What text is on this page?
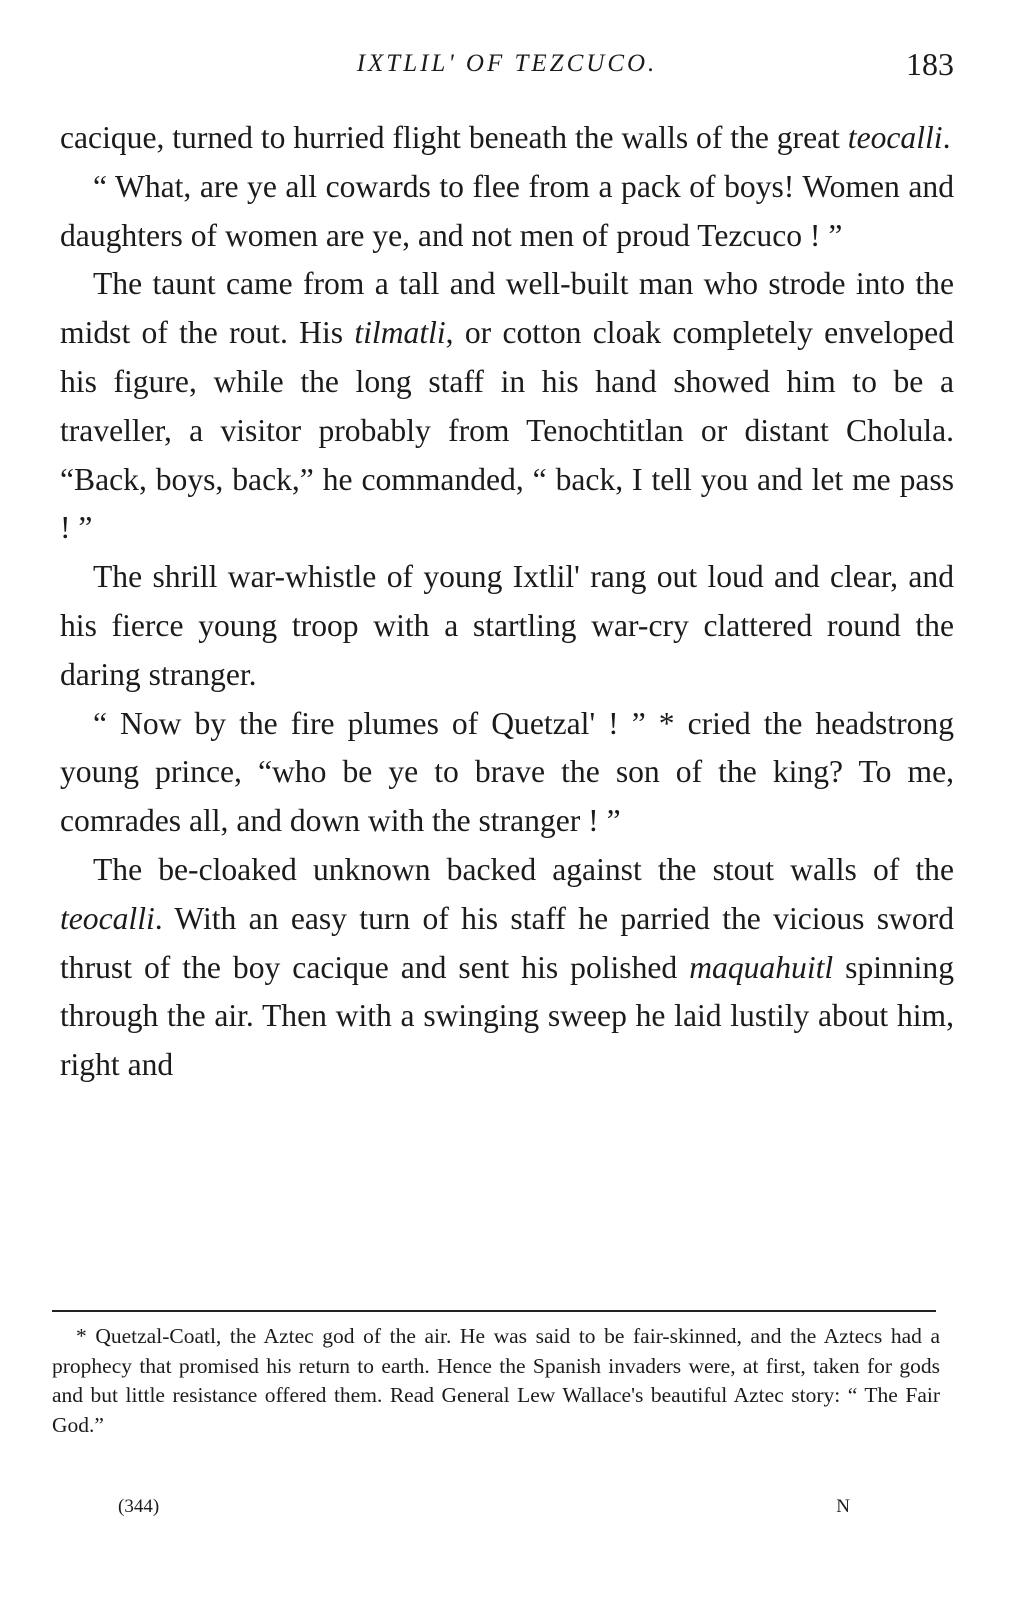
IXTLIL' OF TEZCUCO.	183

cacique, turned to hurried flight beneath the walls of the great teocalli.

“ What, are ye all cowards to flee from a pack of boys! Women and daughters of women are ye, and not men of proud Tezcuco ! ”

The taunt came from a tall and well-built man who strode into the midst of the rout. His tilmatli, or cotton cloak completely enveloped his figure, while the long staff in his hand showed him to be a traveller, a visitor probably from Tenochtitlan or distant Cholula. “Back, boys, back,” he commanded, “ back, I tell you and let me pass ! ”

The shrill war-whistle of young Ixtlil' rang out loud and clear, and his fierce young troop with a startling war-cry clattered round the daring stranger.

“ Now by the fire plumes of Quetzal' ! ” * cried the headstrong young prince, “who be ye to brave the son of the king? To me, comrades all, and down with the stranger ! ”

The be-cloaked unknown backed against the stout walls of the teocalli. With an easy turn of his staff he parried the vicious sword thrust of the boy cacique and sent his polished maquahuitl spinning through the air. Then with a swinging sweep he laid lustily about him, right and

* Quetzal-Coatl, the Aztec god of the air. He was said to be fair-skinned, and the Aztecs had a prophecy that promised his return to earth. Hence the Spanish invaders were, at first, taken for gods and but little resistance offered them. Read General Lew Wallace's beautiful Aztec story: “ The Fair God.”

(344)	N
